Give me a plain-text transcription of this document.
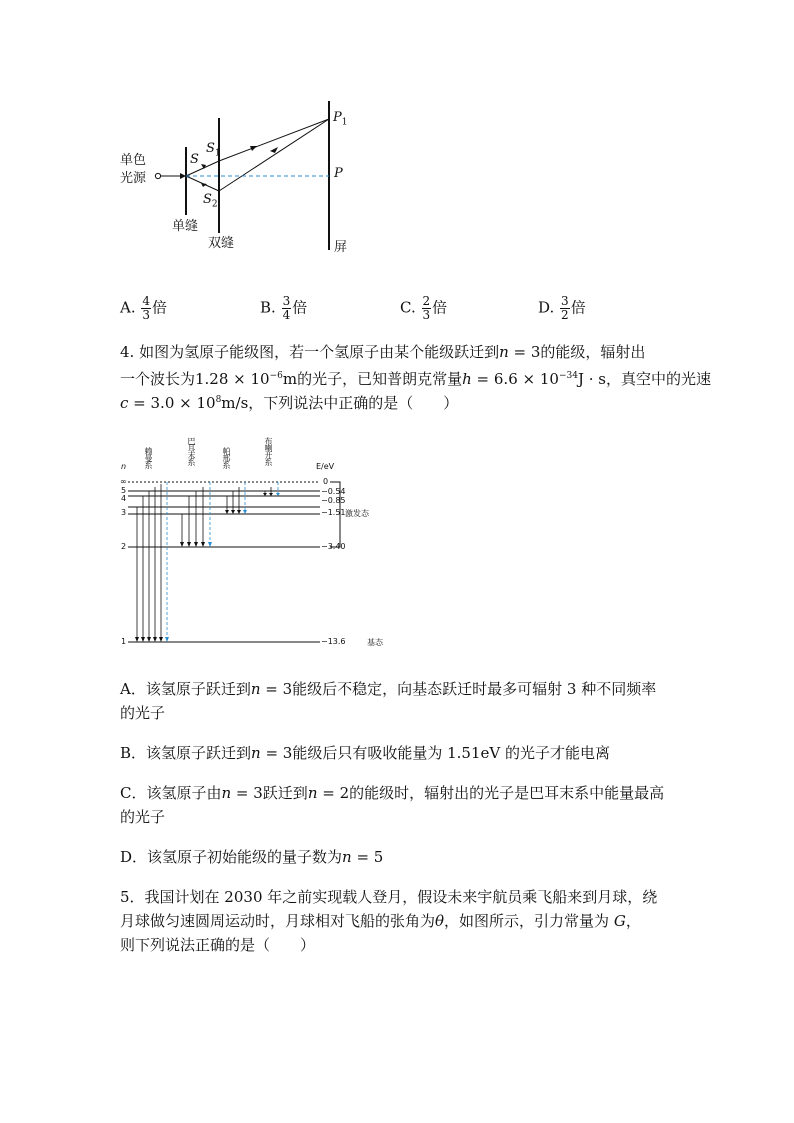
单色
光源
S
$S_1$
$S_2$
$P_1$
P
单缝
双缝	屏
A. $\frac{4}{3}$ 倍	B. $\frac{3}{4}$ 倍	C. $\frac{2}{3}$ 倍	D. $\frac{3}{2}$ 倍
4. 如图为氢原子能级图，若一个氢原子由某个能级跃迁到n = 3的能级，辐射出
一个波长为$1.28 \times 10^{-6}m$的光子，已知普朗克常量$h = 6.6 \times 10^{-34}J \cdot s$，真空中的光速
$c = 3.0 \times 10^8m/s$，下列说法中正确的是（　　）
n	E/eV
∞
5
4
3
2
1
0
−0.54
−0.85
−1.51
−3.40
−13.6
赖曼系	巴耳末系	帕邢系	布喇开系
激发态
基态
A．该氢原子跃迁到n = 3能级后不稳定，向基态跃迁时最多可辐射 3 种不同频率
的光子
B．该氢原子跃迁到n = 3能级后只有吸收能量为 1.51eV 的光子才能电离
C．该氢原子由n = 3跃迁到n = 2的能级时，辐射出的光子是巴耳末系中能量最高
的光子
D．该氢原子初始能级的量子数为n = 5
5．我国计划在 2030 年之前实现载人登月，假设未来宇航员乘飞船来到月球，绕
月球做匀速圆周运动时，月球相对飞船的张角为θ，如图所示，引力常量为 G，
则下列说法正确的是（　　）
